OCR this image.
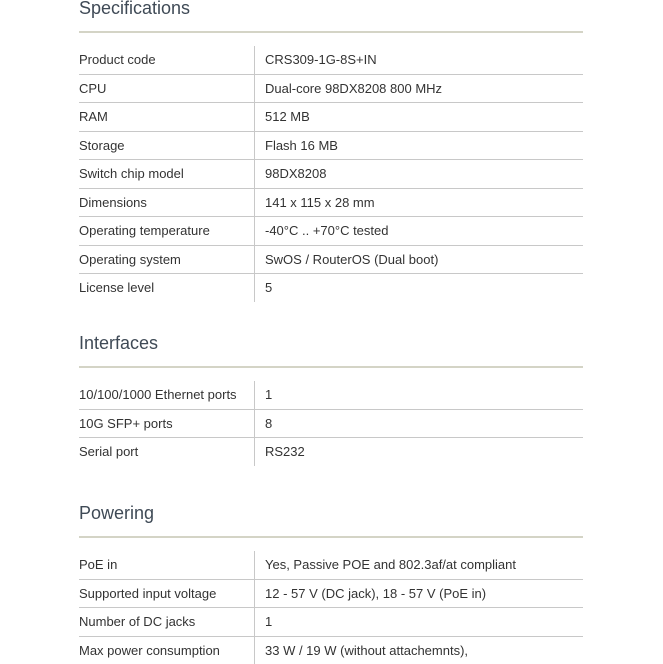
Specifications
Product code	CRS309-1G-8S+IN
CPU	Dual-core 98DX8208 800 MHz
RAM	512 MB
Storage	Flash 16 MB
Switch chip model	98DX8208
Dimensions	141 x 115 x 28 mm
Operating temperature	-40°C .. +70°C tested
Operating system	SwOS / RouterOS (Dual boot)
License level	5
Interfaces
10/100/1000 Ethernet ports	1
10G SFP+ ports	8
Serial port	RS232
Powering
PoE in	Yes, Passive POE and 802.3af/at compliant
Supported input voltage	12 - 57 V (DC jack), 18 - 57 V (PoE in)
Number of DC jacks	1
Max power consumption	33 W / 19 W (without attachemnts),
